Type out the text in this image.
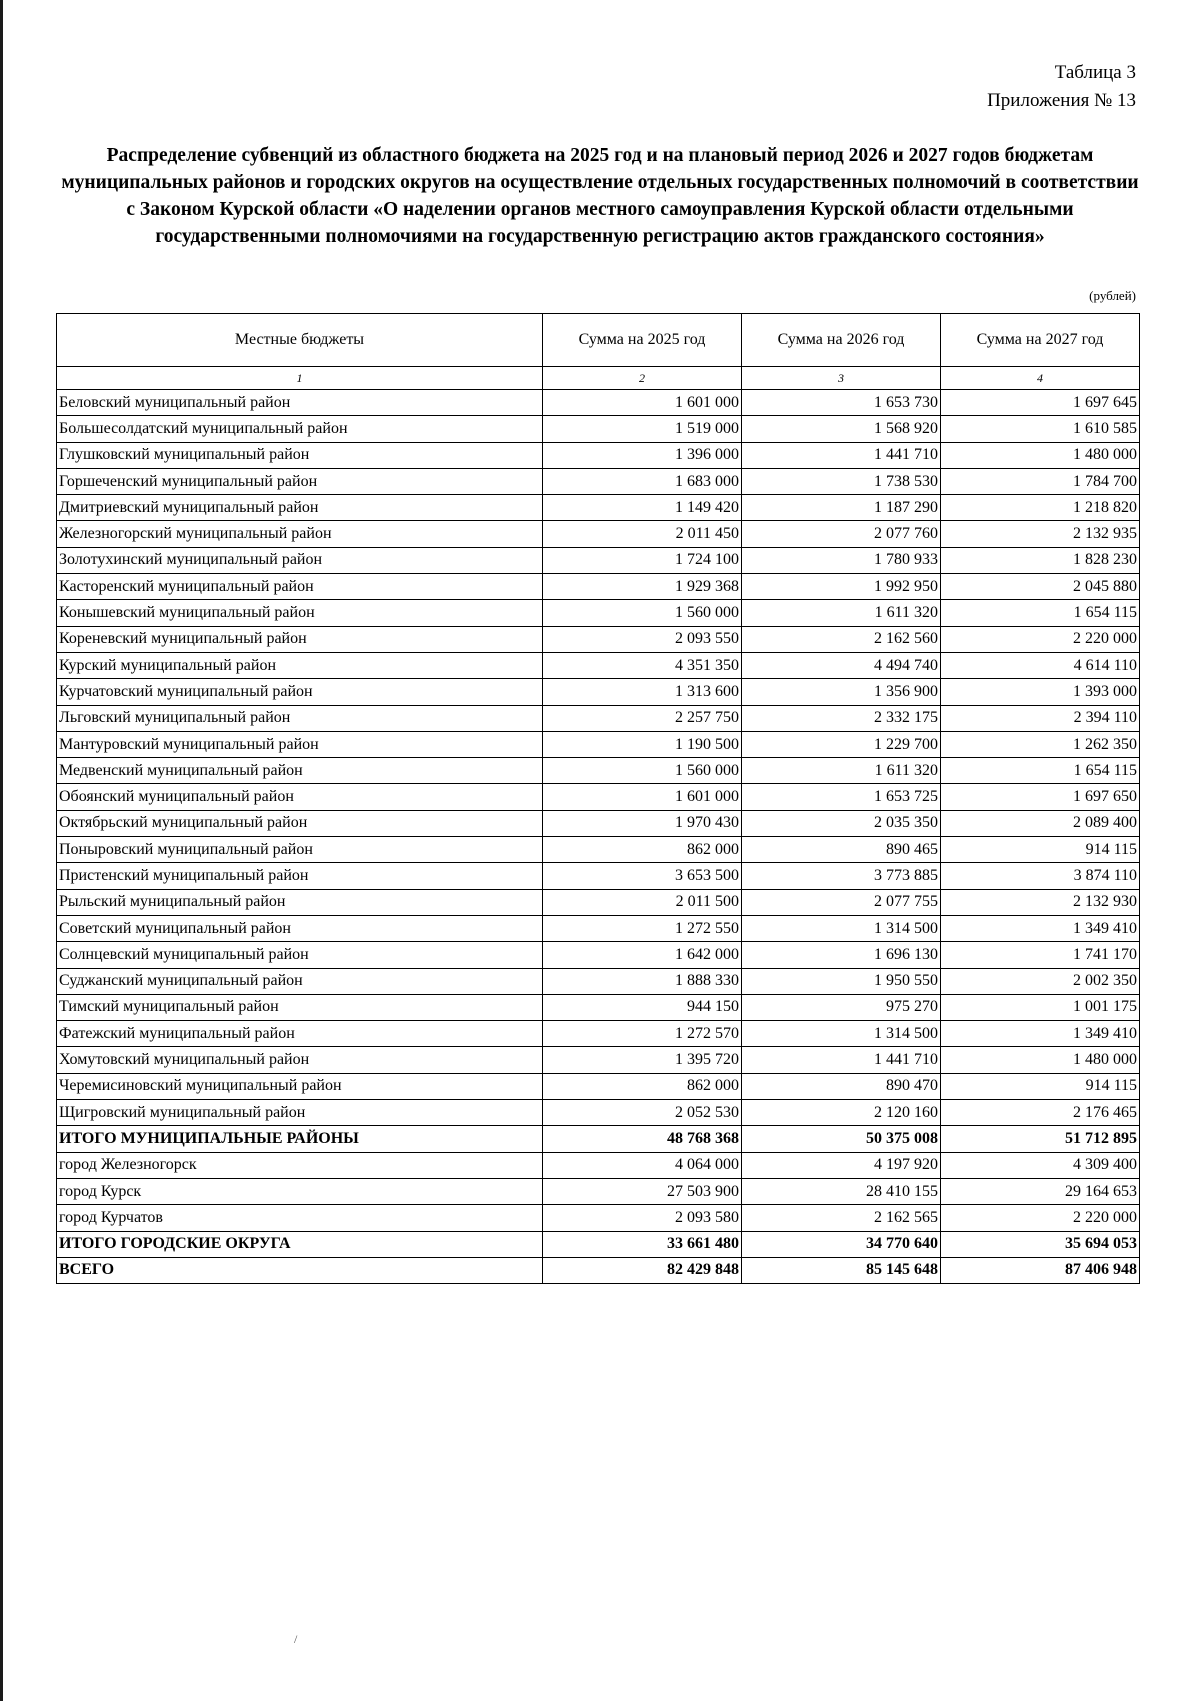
Таблица 3
Приложения № 13
Распределение субвенций из областного бюджета на 2025 год и на плановый период 2026 и 2027 годов бюджетам муниципальных районов и городских округов на осуществление отдельных государственных полномочий в соответствии с Законом Курской области «О наделении органов местного самоуправления Курской области отдельными государственными полномочиями на государственную регистрацию актов гражданского состояния»
(рублей)
Местные бюджеты	Сумма на 2025 год	Сумма на 2026 год	Сумма на 2027 год
1	2	3	4
Беловский муниципальный район	1 601 000	1 653 730	1 697 645
Большесолдатский муниципальный район	1 519 000	1 568 920	1 610 585
Глушковский муниципальный район	1 396 000	1 441 710	1 480 000
Горшеченский муниципальный район	1 683 000	1 738 530	1 784 700
Дмитриевский муниципальный район	1 149 420	1 187 290	1 218 820
Железногорский муниципальный район	2 011 450	2 077 760	2 132 935
Золотухинский муниципальный район	1 724 100	1 780 933	1 828 230
Касторенский муниципальный район	1 929 368	1 992 950	2 045 880
Конышевский муниципальный район	1 560 000	1 611 320	1 654 115
Кореневский муниципальный район	2 093 550	2 162 560	2 220 000
Курский муниципальный район	4 351 350	4 494 740	4 614 110
Курчатовский муниципальный район	1 313 600	1 356 900	1 393 000
Льговский муниципальный район	2 257 750	2 332 175	2 394 110
Мантуровский муниципальный район	1 190 500	1 229 700	1 262 350
Медвенский муниципальный район	1 560 000	1 611 320	1 654 115
Обоянский муниципальный район	1 601 000	1 653 725	1 697 650
Октябрьский муниципальный район	1 970 430	2 035 350	2 089 400
Поныровский муниципальный район	862 000	890 465	914 115
Пристенский муниципальный район	3 653 500	3 773 885	3 874 110
Рыльский муниципальный район	2 011 500	2 077 755	2 132 930
Советский муниципальный район	1 272 550	1 314 500	1 349 410
Солнцевский муниципальный район	1 642 000	1 696 130	1 741 170
Суджанский муниципальный район	1 888 330	1 950 550	2 002 350
Тимский муниципальный район	944 150	975 270	1 001 175
Фатежский муниципальный район	1 272 570	1 314 500	1 349 410
Хомутовский муниципальный район	1 395 720	1 441 710	1 480 000
Черемисиновский муниципальный район	862 000	890 470	914 115
Щигровский муниципальный район	2 052 530	2 120 160	2 176 465
ИТОГО МУНИЦИПАЛЬНЫЕ РАЙОНЫ	48 768 368	50 375 008	51 712 895
город Железногорск	4 064 000	4 197 920	4 309 400
город Курск	27 503 900	28 410 155	29 164 653
город Курчатов	2 093 580	2 162 565	2 220 000
ИТОГО ГОРОДСКИЕ ОКРУГА	33 661 480	34 770 640	35 694 053
ВСЕГО	82 429 848	85 145 648	87 406 948
/
